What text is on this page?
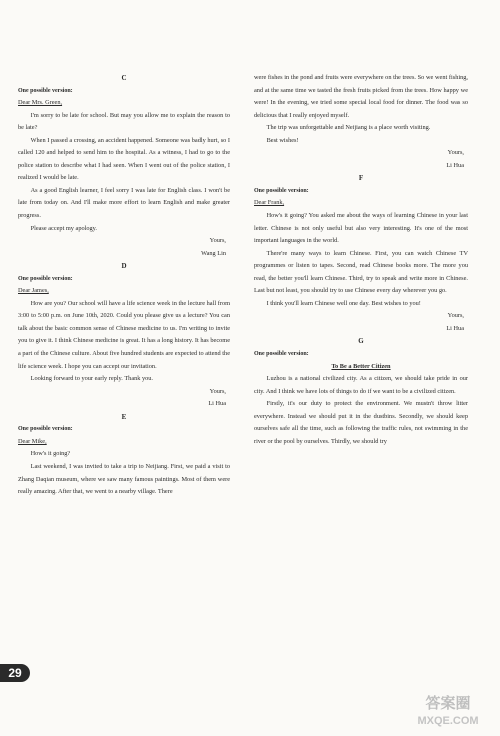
C

One possible version:

Dear Mrs. Green,

I'm sorry to be late for school. But may you allow me to explain the reason to be late?

When I passed a crossing, an accident happened. Someone was badly hurt, so I called 120 and helped to send him to the hospital. As a witness, I had to go to the police station to describe what I had seen. When I went out of the police station, I realized I would be late.

As a good English learner, I feel sorry I was late for English class. I won't be late from today on. And I'll make more effort to learn English and make greater progress.

Please accept my apology.

Yours,

Wang Lin

D

One possible version:

Dear James,

How are you? Our school will have a life science week in the lecture hall from 3:00 to 5:00 p.m. on June 10th, 2020. Could you please give us a lecture? You can talk about the basic common sense of Chinese medicine to us. I'm writing to invite you to give it. I think Chinese medicine is great. It has a long history. It has become a part of the Chinese culture. About five hundred students are expected to attend the life science week. I hope you can accept our invitation.

Looking forward to your early reply. Thank you.

Yours,

Li Hua

E

One possible version:

Dear Mike,

How's it going?

Last weekend, I was invited to take a trip to Neijiang. First, we paid a visit to Zhang Daqian museum, where we saw many famous paintings. Most of them were really amazing. After that, we went to a nearby village. There

were fishes in the pond and fruits were everywhere on the trees. So we went fishing, and at the same time we tasted the fresh fruits picked from the trees. How happy we were! In the evening, we tried some special local food for dinner. The food was so delicious that I really enjoyed myself.

The trip was unforgettable and Neijiang is a place worth visiting.

Best wishes!

Yours,

Li Hua

F

One possible version:

Dear Frank,

How's it going? You asked me about the ways of learning Chinese in your last letter. Chinese is not only useful but also very interesting. It's one of the most important languages in the world.

There're many ways to learn Chinese. First, you can watch Chinese TV programmes or listen to tapes. Second, read Chinese books more. The more you read, the better you'll learn Chinese. Third, try to speak and write more in Chinese. Last but not least, you should try to use Chinese every day wherever you go.

I think you'll learn Chinese well one day. Best wishes to you!

Yours,

Li Hua

G

One possible version:

To Be a Better Citizen

Luzhou is a national civilized city. As a citizen, we should take pride in our city. And I think we have lots of things to do if we want to be a civilized citizen.

Firstly, it's our duty to protect the environment. We mustn't throw litter everywhere. Instead we should put it in the dustbins. Secondly, we should keep ourselves safe all the time, such as following the traffic rules, not swimming in the river or the pool by ourselves. Thirdly, we should try

29
答案圈
MXQE.COM
